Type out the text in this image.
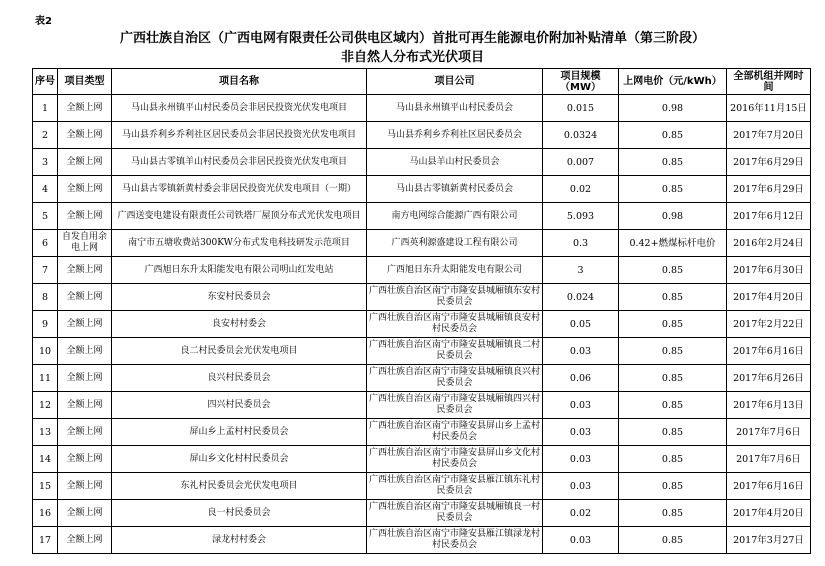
表2
广西壮族自治区（广西电网有限责任公司供电区域内）首批可再生能源电价附加补贴清单（第三阶段）
非自然人分布式光伏项目
序号	项目类型	项目名称	项目公司	项目规模（MW）	上网电价（元/kWh）	全部机组并网时间
1	全额上网	马山县永州镇平山村民委员会非居民投资光伏发电项目	马山县永州镇平山村民委员会	0.015	0.98	2016年11月15日
2	全额上网	马山县乔利乡乔利社区居民委员会非居民投资光伏发电项目	马山县乔利乡乔利社区居民委员会	0.0324	0.85	2017年7月20日
3	全额上网	马山县古零镇羊山村民委员会非居民投资光伏发电项目	马山县羊山村民委员会	0.007	0.85	2017年6月29日
4	全额上网	马山县古零镇新黄村委会非居民投资光伏发电项目（一期）	马山县古零镇新黄村民委员会	0.02	0.85	2017年6月29日
5	全额上网	广西送变电建设有限责任公司铁塔厂屋顶分布式光伏发电项目	南方电网综合能源广西有限公司	5.093	0.98	2017年6月12日
6	自发自用余电上网	南宁市五塘收费站300KW分布式发电科技研发示范项目	广西英利源盛建设工程有限公司	0.3	0.42+燃煤标杆电价	2016年2月24日
7	全额上网	广西旭日东升太阳能发电有限公司明山红发电站	广西旭日东升太阳能发电有限公司	3	0.85	2017年6月30日
8	全额上网	东安村民委员会	广西壮族自治区南宁市隆安县城厢镇东安村民委员会	0.024	0.85	2017年4月20日
9	全额上网	良安村村委会	广西壮族自治区南宁市隆安县城厢镇良安村村民委员会	0.05	0.85	2017年2月22日
10	全额上网	良二村民委员会光伏发电项目	广西壮族自治区南宁市隆安县城厢镇良二村民委员会	0.03	0.85	2017年6月16日
11	全额上网	良兴村民委员会	广西壮族自治区南宁市隆安县城厢镇良兴村民委员会	0.06	0.85	2017年6月26日
12	全额上网	四兴村民委员会	广西壮族自治区南宁市隆安县城厢镇四兴村民委员会	0.03	0.85	2017年6月13日
13	全额上网	屏山乡上孟村村民委员会	广西壮族自治区南宁市隆安县屏山乡上孟村村民委员会	0.03	0.85	2017年7月6日
14	全额上网	屏山乡文化村村民委员会	广西壮族自治区南宁市隆安县屏山乡文化村村民委员会	0.03	0.85	2017年7月6日
15	全额上网	东礼村民委员会光伏发电项目	广西壮族自治区南宁市隆安县雁江镇东礼村民委员会	0.03	0.85	2017年6月16日
16	全额上网	良一村民委员会	广西壮族自治区南宁市隆安县城厢镇良一村民委员会	0.02	0.85	2017年4月20日
17	全额上网	渌龙村村委会	广西壮族自治区南宁市隆安县雁江镇渌龙村村民委员会	0.03	0.85	2017年3月27日
